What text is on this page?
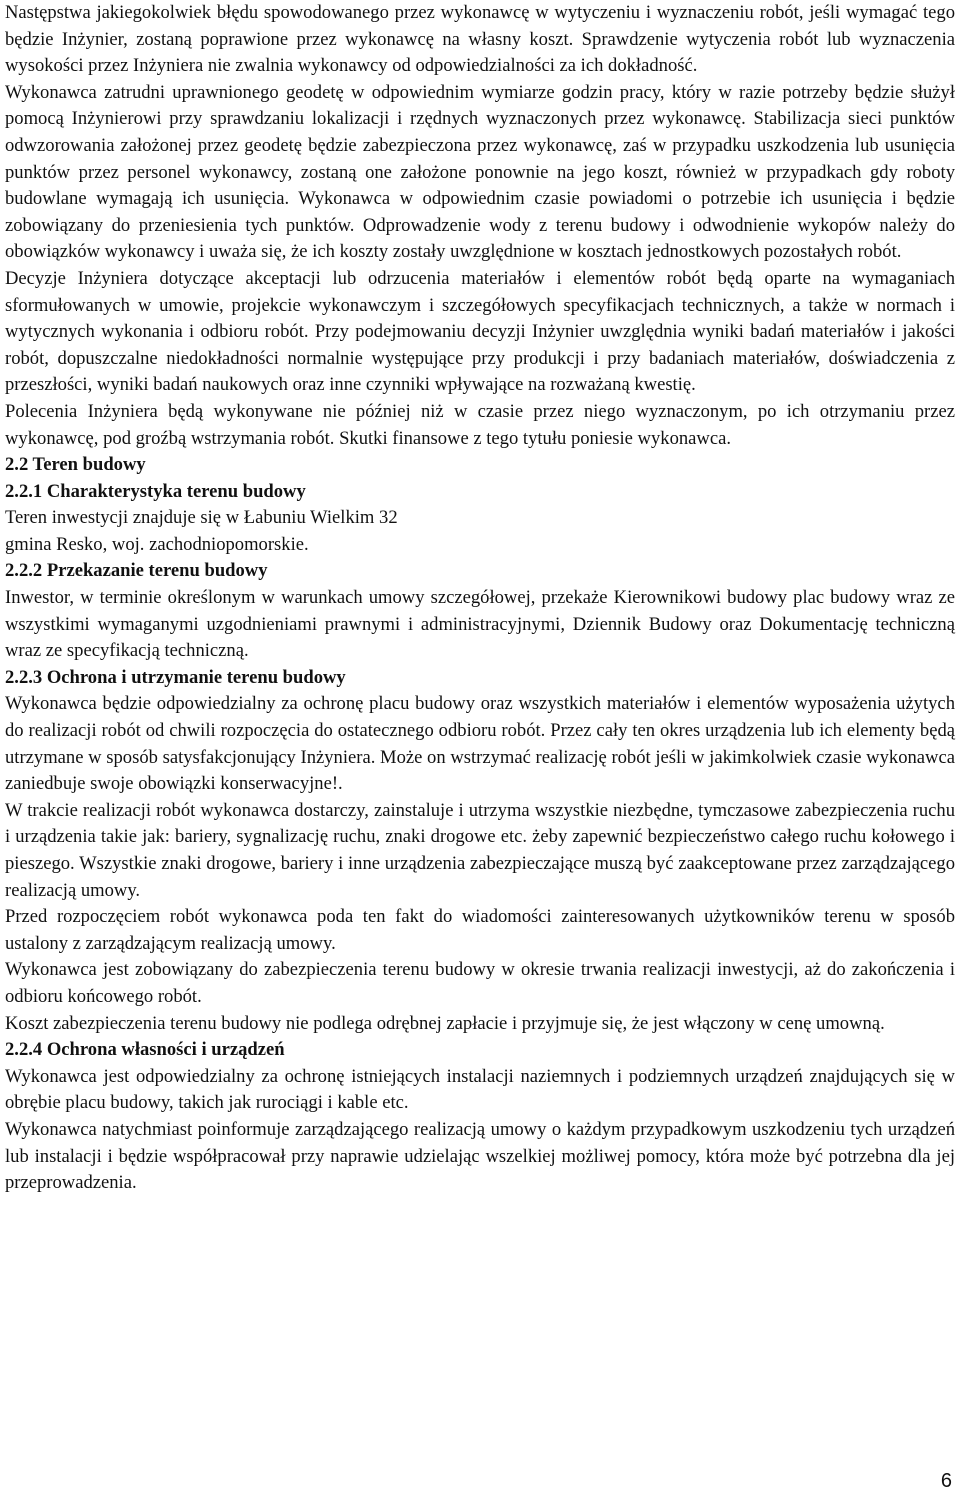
Następstwa jakiegokolwiek błędu spowodowanego przez wykonawcę w wytyczeniu i wyznaczeniu robót, jeśli wymagać tego będzie Inżynier, zostaną poprawione przez wykonawcę na własny koszt. Sprawdzenie wytyczenia robót lub wyznaczenia wysokości przez Inżyniera nie zwalnia wykonawcy od odpowiedzialności za ich dokładność.

Wykonawca zatrudni uprawnionego geodetę w odpowiednim wymiarze godzin pracy, który w razie potrzeby będzie służył pomocą Inżynierowi przy sprawdzaniu lokalizacji i rzędnych wyznaczonych przez wykonawcę. Stabilizacja sieci punktów odwzorowania założonej przez geodetę będzie zabezpieczona przez wykonawcę, zaś w przypadku uszkodzenia lub usunięcia punktów przez personel wykonawcy, zostaną one założone ponownie na jego koszt, również w przypadkach gdy roboty budowlane wymagają ich usunięcia. Wykonawca w odpowiednim czasie powiadomi o potrzebie ich usunięcia i będzie zobowiązany do przeniesienia tych punktów. Odprowadzenie wody z terenu budowy i odwodnienie wykopów należy do obowiązków wykonawcy i uważa się, że ich koszty zostały uwzględnione w kosztach jednostkowych pozostałych robót.

Decyzje Inżyniera dotyczące akceptacji lub odrzucenia materiałów i elementów robót będą oparte na wymaganiach sformułowanych w umowie, projekcie wykonawczym i szczegółowych specyfikacjach technicznych, a także w normach i wytycznych wykonania i odbioru robót. Przy podejmowaniu decyzji Inżynier uwzględnia wyniki badań materiałów i jakości robót, dopuszczalne niedokładności normalnie występujące przy produkcji i przy badaniach materiałów, doświadczenia z przeszłości, wyniki badań naukowych oraz inne czynniki wpływające na rozważaną kwestię.

Polecenia Inżyniera będą wykonywane nie później niż w czasie przez niego wyznaczonym, po ich otrzymaniu przez wykonawcę, pod groźbą wstrzymania robót. Skutki finansowe z tego tytułu poniesie wykonawca.

2.2 Teren budowy

2.2.1 Charakterystyka terenu budowy

Teren inwestycji znajduje się w Łabuniu Wielkim 32

gmina Resko, woj. zachodniopomorskie.

2.2.2 Przekazanie terenu budowy

Inwestor, w terminie określonym w warunkach umowy szczegółowej, przekaże Kierownikowi budowy plac budowy wraz ze wszystkimi wymaganymi uzgodnieniami prawnymi i administracyjnymi, Dziennik Budowy oraz Dokumentację techniczną wraz ze specyfikacją techniczną.

2.2.3 Ochrona i utrzymanie terenu budowy

Wykonawca będzie odpowiedzialny za ochronę placu budowy oraz wszystkich materiałów i elementów wyposażenia użytych do realizacji robót od chwili rozpoczęcia do ostatecznego odbioru robót. Przez cały ten okres urządzenia lub ich elementy będą utrzymane w sposób satysfakcjonujący Inżyniera. Może on wstrzymać realizację robót jeśli w jakimkolwiek czasie wykonawca zaniedbuje swoje obowiązki konserwacyjne!.

W trakcie realizacji robót wykonawca dostarczy, zainstaluje i utrzyma wszystkie niezbędne, tymczasowe zabezpieczenia ruchu i urządzenia takie jak: bariery, sygnalizację ruchu, znaki drogowe etc. żeby zapewnić bezpieczeństwo całego ruchu kołowego i pieszego. Wszystkie znaki drogowe, bariery i inne urządzenia zabezpieczające muszą być zaakceptowane przez zarządzającego realizacją umowy.

Przed rozpoczęciem robót wykonawca poda ten fakt do wiadomości zainteresowanych użytkowników terenu w sposób ustalony z zarządzającym realizacją umowy.

Wykonawca jest zobowiązany do zabezpieczenia terenu budowy w okresie trwania realizacji inwestycji, aż do zakończenia i odbioru końcowego robót.

Koszt zabezpieczenia terenu budowy nie podlega odrębnej zapłacie i przyjmuje się, że jest włączony w cenę umowną.

2.2.4 Ochrona własności i urządzeń

Wykonawca jest odpowiedzialny za ochronę istniejących instalacji naziemnych i podziemnych urządzeń znajdujących się w obrębie placu budowy, takich jak rurociągi i kable etc.

Wykonawca natychmiast poinformuje zarządzającego realizacją umowy o każdym przypadkowym uszkodzeniu tych urządzeń lub instalacji i będzie współpracował przy naprawie udzielając wszelkiej możliwej pomocy, która może być potrzebna dla jej przeprowadzenia.

6
